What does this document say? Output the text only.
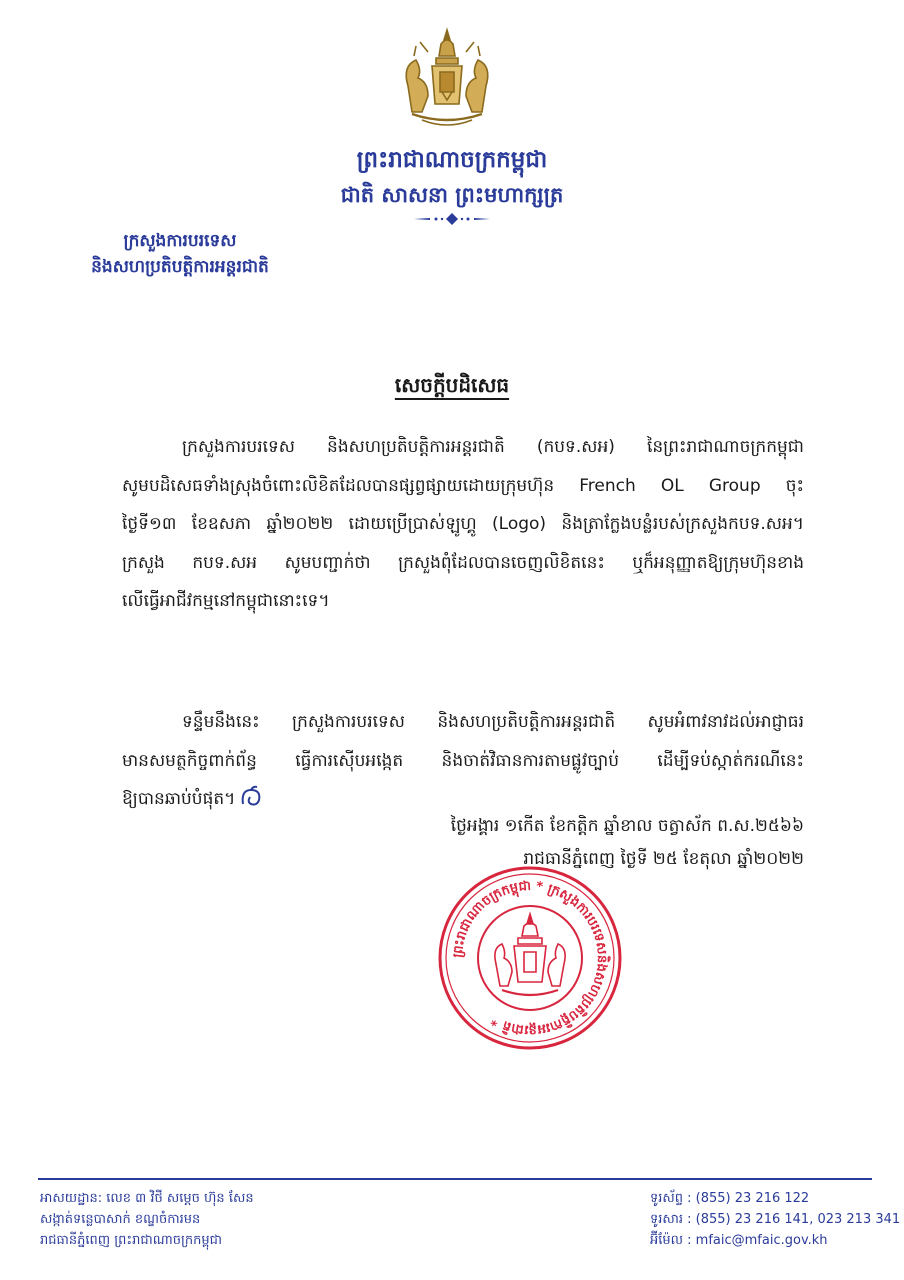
ព្រះរាជាណាចក្រកម្ពុជា
ជាតិ សាសនា ព្រះមហាក្សត្រ
ក្រសួងការបរទេស
និងសហប្រតិបត្តិការអន្តរជាតិ
សេចក្តីបដិសេធ
ក្រសួងការបរទេស និងសហប្រតិបត្តិការអន្តរជាតិ (កបទ.សអ) នៃព្រះរាជាណាចក្រកម្ពុជា
សូមបដិសេធទាំងស្រុងចំពោះលិខិតដែលបានផ្សព្វផ្សាយដោយក្រុមហ៊ុន French OL Group ចុះ
ថ្ងៃទី១៣ ខែឧសភា ឆ្នាំ២០២២ ដោយប្រើប្រាស់ឡូហ្គូ (Logo) និងត្រាក្លែងបន្លំរបស់ក្រសួងកបទ.សអ។
ក្រសួង កបទ.សអ សូមបញ្ជាក់ថា ក្រសួងពុំដែលបានចេញលិខិតនេះ ឬក៏អនុញ្ញាតឱ្យក្រុមហ៊ុនខាង
លើធ្វើអាជីវកម្មនៅកម្ពុជានោះទេ។
ទន្ទឹមនឹងនេះ ក្រសួងការបរទេស និងសហប្រតិបត្តិការអន្តរជាតិ សូមអំពាវនាវដល់អាជ្ញាធរ
មានសមត្ថកិច្ចពាក់ព័ន្ធ ធ្វើការស៊ើបអង្កេត និងចាត់វិធានការតាមផ្លូវច្បាប់ ដើម្បីទប់ស្កាត់ករណីនេះ
ឱ្យបានឆាប់បំផុត។
ថ្ងៃអង្គារ ១កើត ខែកត្តិក ឆ្នាំខាល ចត្វាស័ក ព.ស.២៥៦៦
រាជធានីភ្នំពេញ ថ្ងៃទី ២៥ ខែតុលា ឆ្នាំ២០២២
ព្រះរាជាណាចក្រកម្ពុជា * ក្រសួងការបរទេសនិងសហប្រតិបត្តិការអន្តរជាតិ *
អាសយដ្ឋាន: លេខ ៣ វិថី សម្តេច ហ៊ុន សែន
សង្កាត់ទន្លេបាសាក់ ខណ្ឌចំការមន
រាជធានីភ្នំពេញ ព្រះរាជាណាចក្រកម្ពុជា
ទូរស័ព្ទ : (855) 23 216 122
ទូរសារ : (855) 23 216 141, 023 213 341
អ៊ីម៉ែល : mfaic@mfaic.gov.kh
